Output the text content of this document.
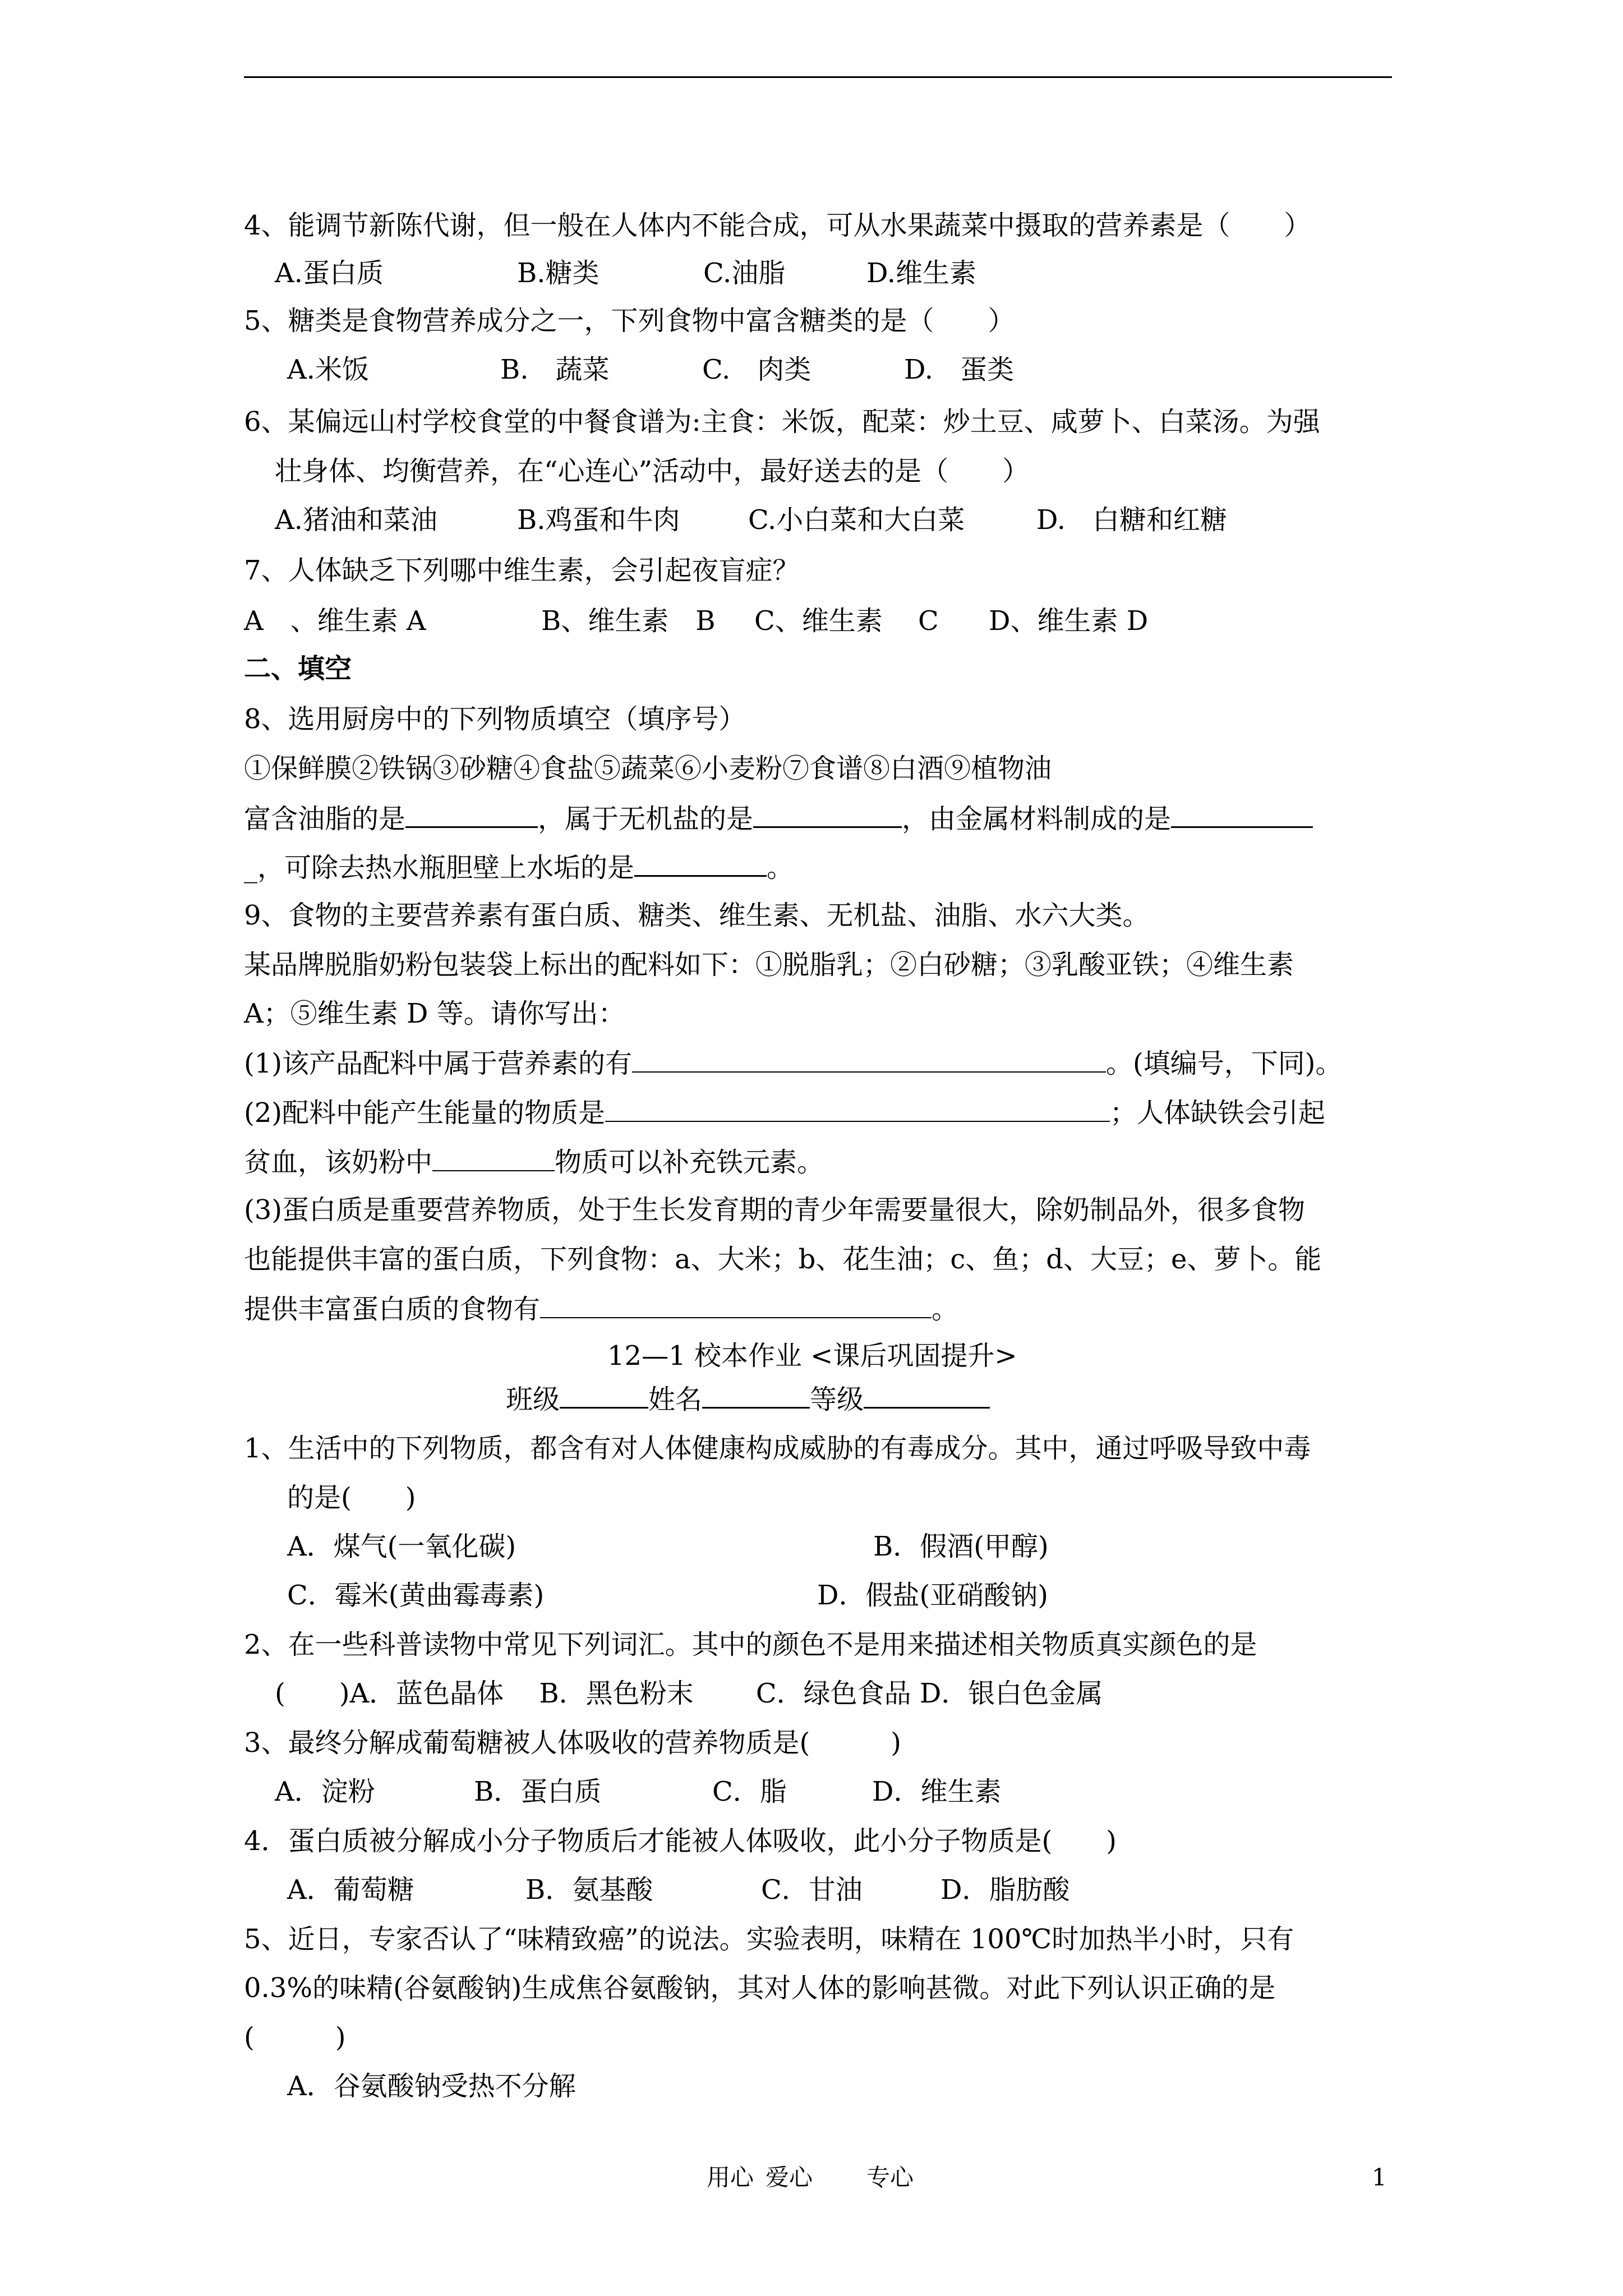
4、能调节新陈代谢，但一般在人体内不能合成，可从水果蔬菜中摄取的营养素是（　　）
A.蛋白质	B.糖类	C.油脂	D.维生素
5、糖类是食物营养成分之一，下列食物中富含糖类的是（　　）
A.米饭	B.　蔬菜	C.　肉类	D.　蛋类
6、某偏远山村学校食堂的中餐食谱为:主食：米饭，配菜：炒土豆、咸萝卜、白菜汤。为强
壮身体、均衡营养，在“心连心”活动中，最好送去的是（　　）
A.猪油和菜油	B.鸡蛋和牛肉	C.小白菜和大白菜	D.　白糖和红糖
7、人体缺乏下列哪中维生素，会引起夜盲症？
A　、维生素 A	B、维生素　B C、维生素　 C D、维生素 D
二、填空
8、选用厨房中的下列物质填空（填序号）
①保鲜膜②铁锅③砂糖④食盐⑤蔬菜⑥小麦粉⑦食谱⑧白酒⑨植物油
富含油脂的是	，属于无机盐的是	，由金属材料制成的是
_，可除去热水瓶胆壁上水垢的是	。
9、食物的主要营养素有蛋白质、糖类、维生素、无机盐、油脂、水六大类。
某品牌脱脂奶粉包装袋上标出的配料如下：①脱脂乳；②白砂糖；③乳酸亚铁；④维生素
A；⑤维生素 D 等。请你写出：
(1)该产品配料中属于营养素的有	。(填编号，下同)。
(2)配料中能产生能量的物质是	；人体缺铁会引起
贫血，该奶粉中	物质可以补充铁元素。
(3)蛋白质是重要营养物质，处于生长发育期的青少年需要量很大，除奶制品外，很多食物
也能提供丰富的蛋白质，下列食物：a、大米；b、花生油；c、鱼；d、大豆；e、萝卜。能
提供丰富蛋白质的食物有	。
12—1 校本作业 <课后巩固提升>
班级	姓名	等级
1、生活中的下列物质，都含有对人体健康构成威胁的有毒成分。其中，通过呼吸导致中毒
的是(　　)
A．煤气(一氧化碳)	B．假酒(甲醇)
C．霉米(黄曲霉毒素)	D．假盐(亚硝酸钠)
2、在一些科普读物中常见下列词汇。其中的颜色不是用来描述相关物质真实颜色的是
(　　)A．蓝色晶体　 B．黑色粉末　　 C．绿色食品 D．银白色金属
3、最终分解成葡萄糖被人体吸收的营养物质是(　　　)
A．淀粉	B．蛋白质	C．脂	D．维生素
4．蛋白质被分解成小分子物质后才能被人体吸收，此小分子物质是(　　)
A．葡萄糖	B．氨基酸	C．甘油	D．脂肪酸
5、近日，专家否认了“味精致癌”的说法。实验表明，味精在 100℃时加热半小时，只有
0.3%的味精(谷氨酸钠)生成焦谷氨酸钠，其对人体的影响甚微。对此下列认识正确的是
(　　　)
A．谷氨酸钠受热不分解
用心 爱心 专心	1
